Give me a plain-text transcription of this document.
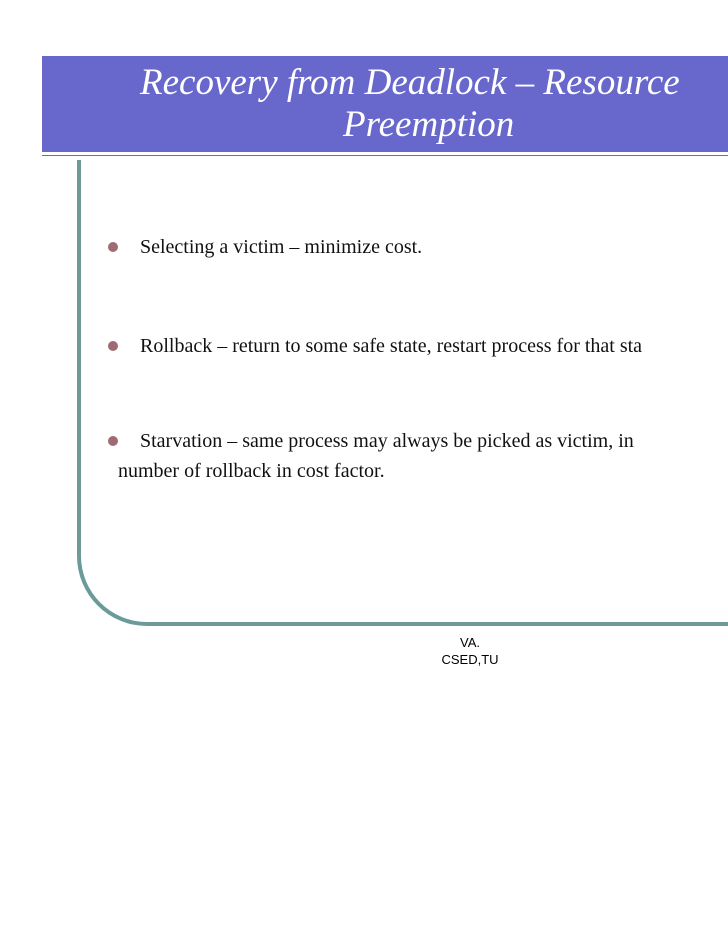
Recovery from Deadlock – Resource
Preemption
Selecting a victim – minimize cost.
Rollback – return to some safe state, restart process for that sta
Starvation – same process may always be picked as victim, in
number of rollback in cost factor.
VA.
CSED,TU
